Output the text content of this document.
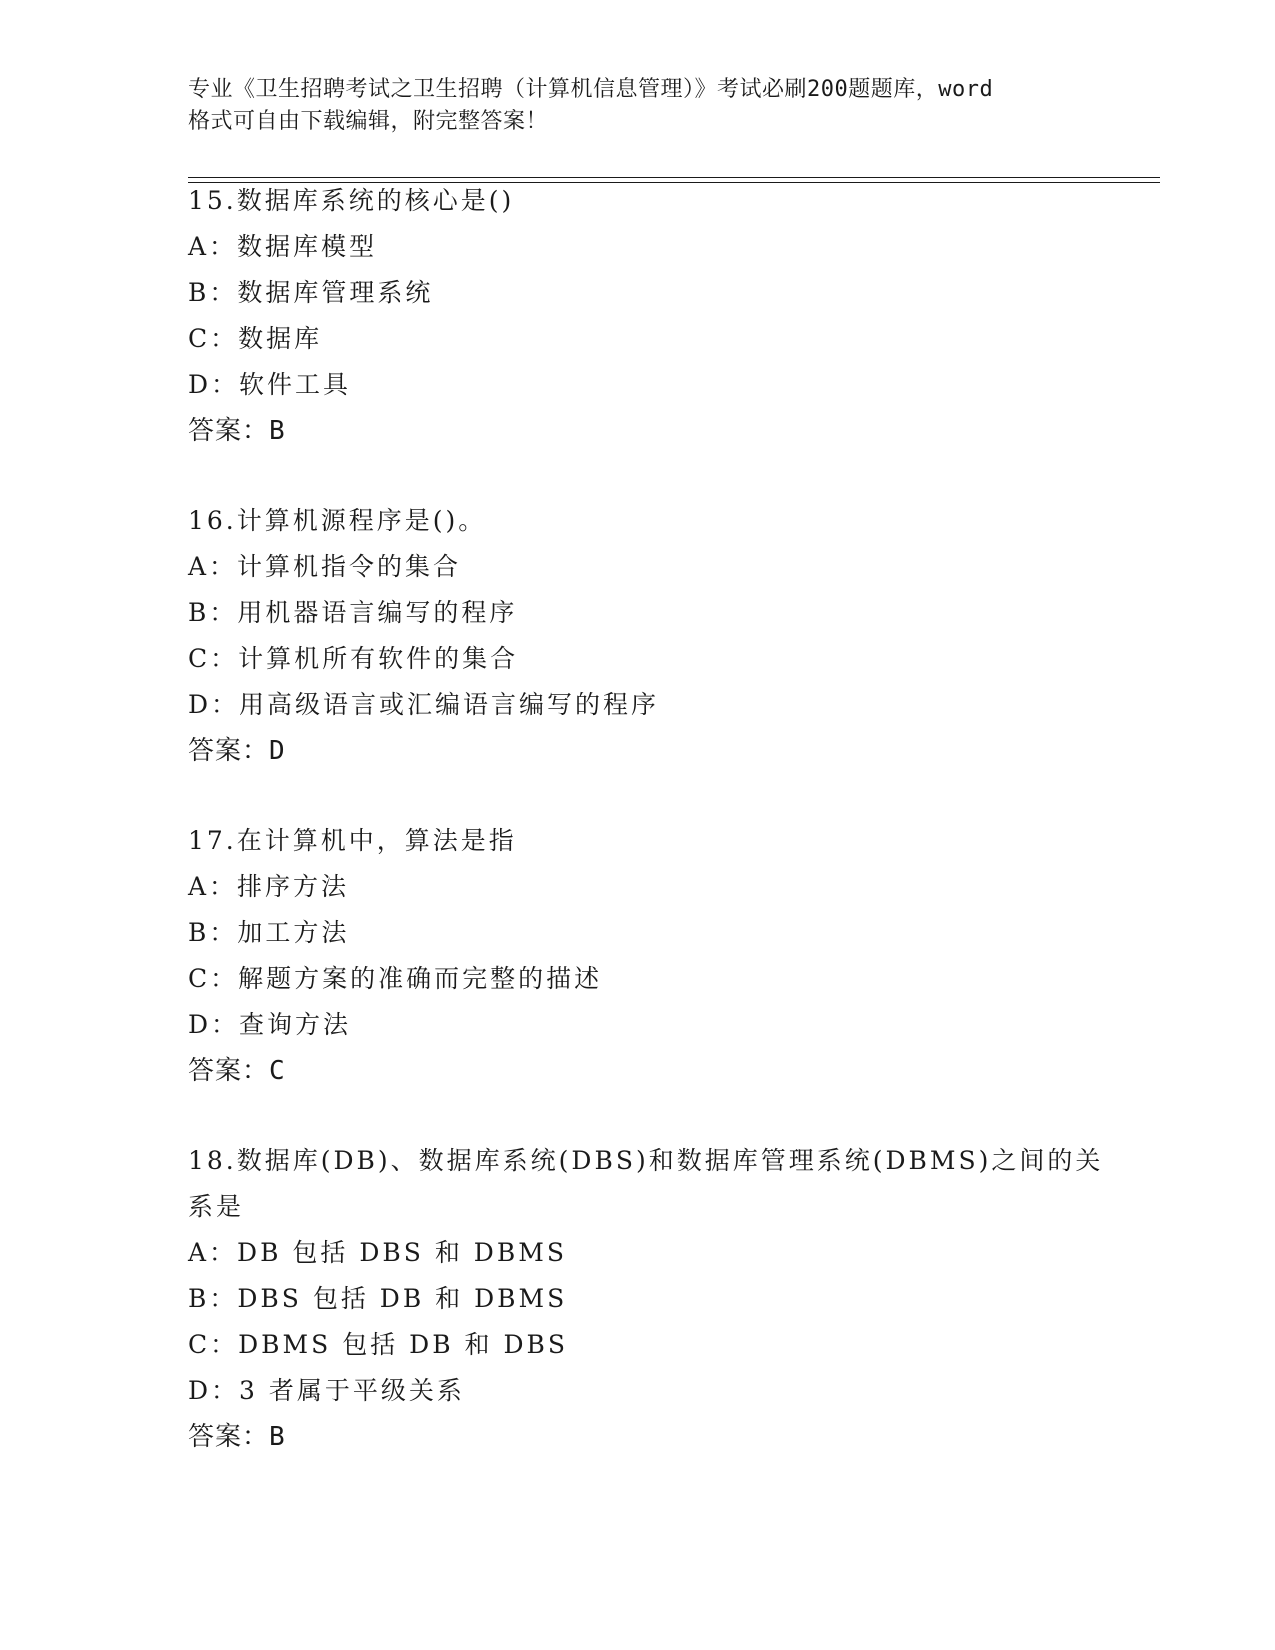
专业《卫生招聘考试之卫生招聘（计算机信息管理）》考试必刷200题题库，word
格式可自由下载编辑，附完整答案！
15.数据库系统的核心是()
A：数据库模型
B：数据库管理系统
C：数据库
D：软件工具
答案：B
16.计算机源程序是()。
A：计算机指令的集合
B：用机器语言编写的程序
C：计算机所有软件的集合
D：用高级语言或汇编语言编写的程序
答案：D
17.在计算机中，算法是指
A：排序方法
B：加工方法
C：解题方案的准确而完整的描述
D：查询方法
答案：C
18.数据库(DB)、数据库系统(DBS)和数据库管理系统(DBMS)之间的关
系是
A：DB 包括 DBS 和 DBMS
B：DBS 包括 DB 和 DBMS
C：DBMS 包括 DB 和 DBS
D：3 者属于平级关系
答案：B
